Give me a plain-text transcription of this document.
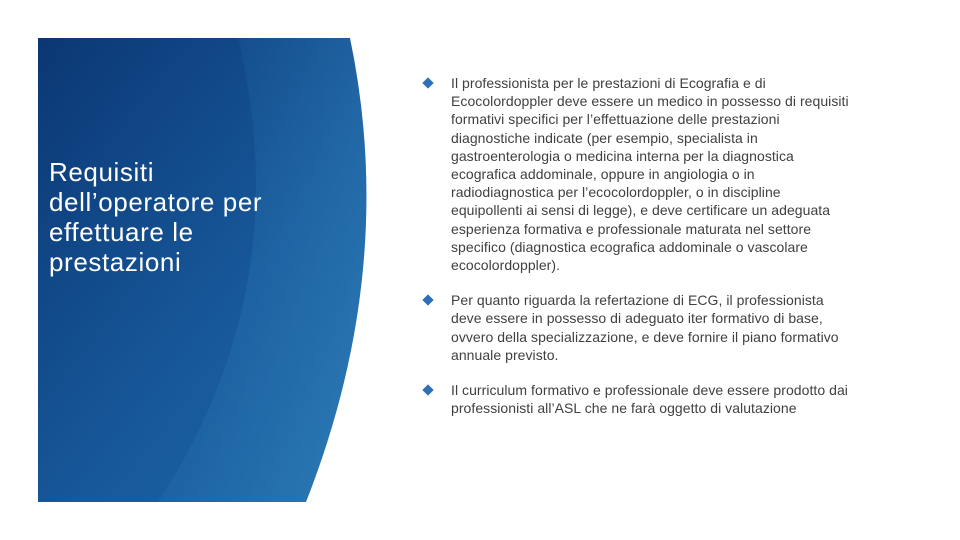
Requisiti dell’operatore per effettuare le prestazioni
Il professionista per le prestazioni di Ecografia e di Ecocolordoppler deve essere un medico in possesso di requisiti formativi specifici per l’effettuazione delle prestazioni diagnostiche indicate (per esempio, specialista in gastroenterologia o medicina interna per la diagnostica ecografica addominale, oppure in angiologia o in radiodiagnostica per l’ecocolordoppler, o in discipline equipollenti ai sensi di legge), e deve certificare un adeguata esperienza formativa e professionale maturata nel settore specifico (diagnostica ecografica addominale o vascolare ecocolordoppler).
Per quanto riguarda la refertazione di ECG, il professionista deve essere in possesso di adeguato iter formativo di base, ovvero della specializzazione, e deve fornire il piano formativo annuale previsto.
Il curriculum formativo e professionale deve essere prodotto dai professionisti all’ASL che ne farà oggetto di valutazione
